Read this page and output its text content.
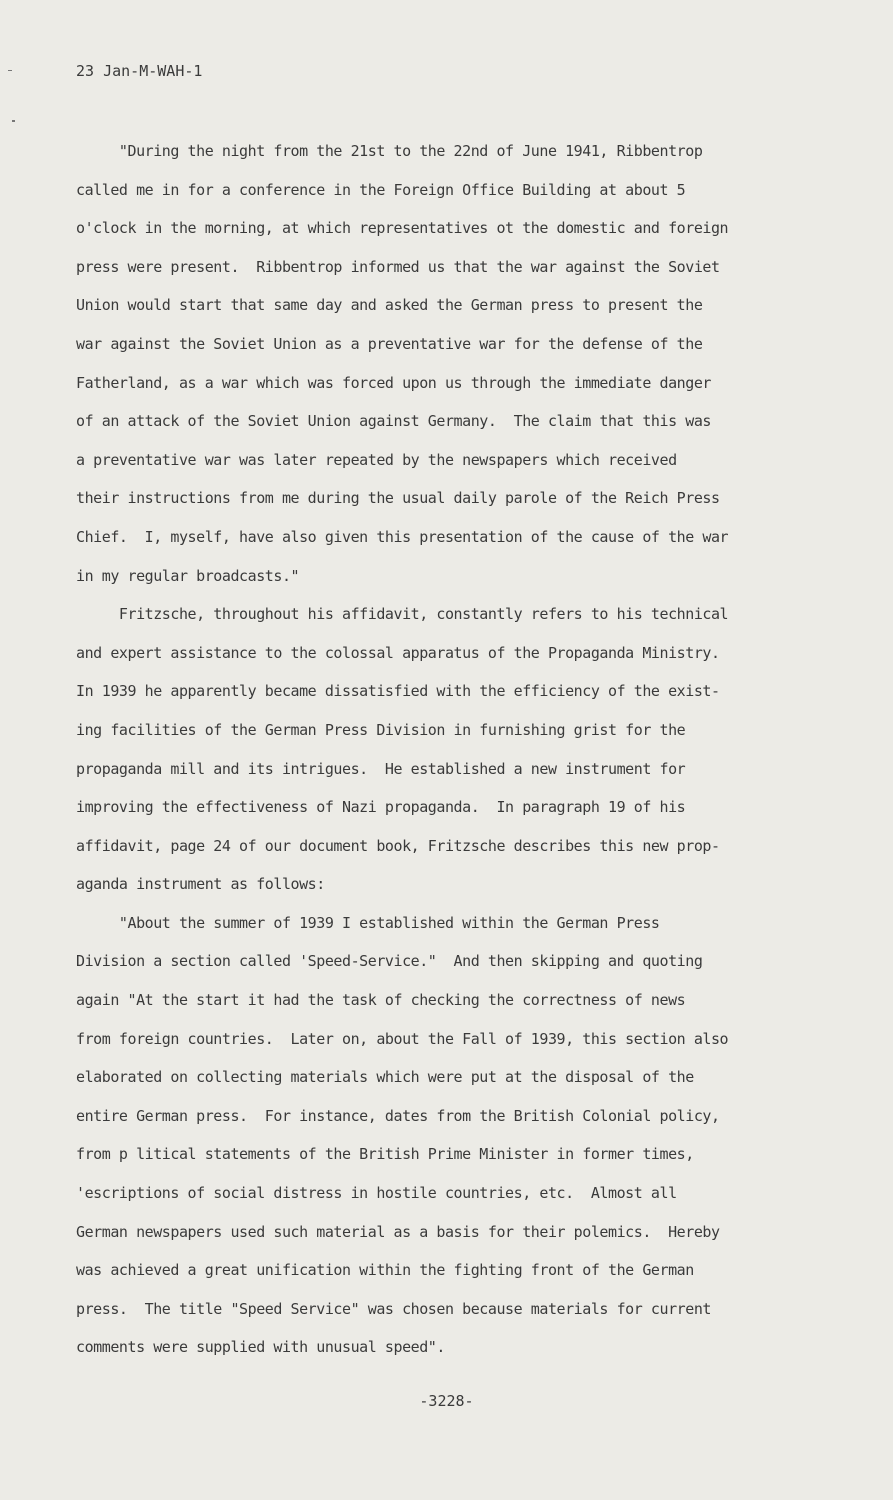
23 Jan-M-WAH-1
"During the night from the 21st to the 22nd of June 1941, Ribbentrop
called me in for a conference in the Foreign Office Building at about 5
o'clock in the morning, at which representatives ot the domestic and foreign
press were present.  Ribbentrop informed us that the war against the Soviet
Union would start that same day and asked the German press to present the
war against the Soviet Union as a preventative war for the defense of the
Fatherland, as a war which was forced upon us through the immediate danger
of an attack of the Soviet Union against Germany.  The claim that this was
a preventative war was later repeated by the newspapers which received
their instructions from me during the usual daily parole of the Reich Press
Chief.  I, myself, have also given this presentation of the cause of the war
in my regular broadcasts."
Fritzsche, throughout his affidavit, constantly refers to his technical
and expert assistance to the colossal apparatus of the Propaganda Ministry.
In 1939 he apparently became dissatisfied with the efficiency of the exist-
ing facilities of the German Press Division in furnishing grist for the
propaganda mill and its intrigues.  He established a new instrument for
improving the effectiveness of Nazi propaganda.  In paragraph 19 of his
affidavit, page 24 of our document book, Fritzsche describes this new prop-
aganda instrument as follows:
"About the summer of 1939 I established within the German Press
Division a section called 'Speed-Service."  And then skipping and quoting
again "At the start it had the task of checking the correctness of news
from foreign countries.  Later on, about the Fall of 1939, this section also
elaborated on collecting materials which were put at the disposal of the
entire German press.  For instance, dates from the British Colonial policy,
from p litical statements of the British Prime Minister in former times,
'escriptions of social distress in hostile countries, etc.  Almost all
German newspapers used such material as a basis for their polemics.  Hereby
was achieved a great unification within the fighting front of the German
press.  The title "Speed Service" was chosen because materials for current
comments were supplied with unusual speed".
-3228-
